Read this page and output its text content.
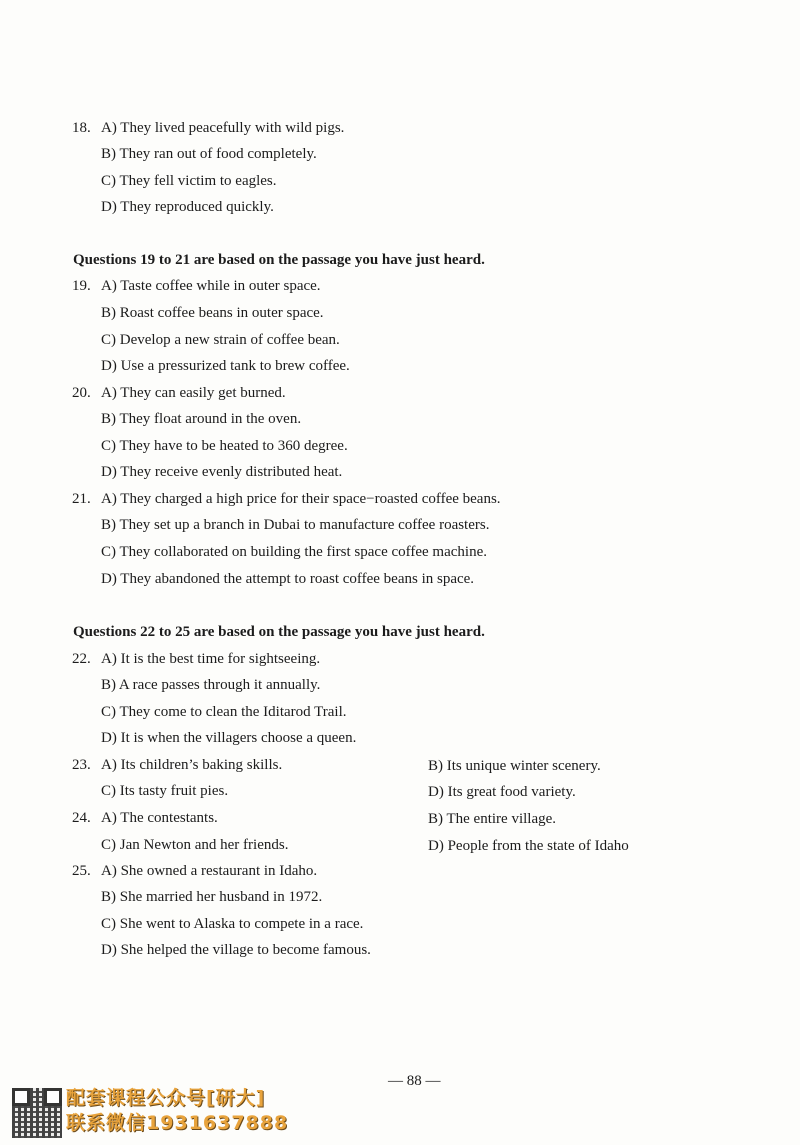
18. A) They lived peacefully with wild pigs.
B) They ran out of food completely.
C) They fell victim to eagles.
D) They reproduced quickly.
Questions 19 to 21 are based on the passage you have just heard.
19. A) Taste coffee while in outer space.
B) Roast coffee beans in outer space.
C) Develop a new strain of coffee bean.
D) Use a pressurized tank to brew coffee.
20. A) They can easily get burned.
B) They float around in the oven.
C) They have to be heated to 360 degree.
D) They receive evenly distributed heat.
21. A) They charged a high price for their space−roasted coffee beans.
B) They set up a branch in Dubai to manufacture coffee roasters.
C) They collaborated on building the first space coffee machine.
D) They abandoned the attempt to roast coffee beans in space.
Questions 22 to 25 are based on the passage you have just heard.
22. A) It is the best time for sightseeing.
B) A race passes through it annually.
C) They come to clean the Iditarod Trail.
D) It is when the villagers choose a queen.
23. A) Its children’s baking skills.	B) Its unique winter scenery.
C) Its tasty fruit pies.	D) Its great food variety.
24. A) The contestants.	B) The entire village.
C) Jan Newton and her friends.	D) People from the state of Idaho
25. A) She owned a restaurant in Idaho.
B) She married her husband in 1972.
C) She went to Alaska to compete in a race.
D) She helped the village to become famous.
— 88 —
配套课程公众号[研大]
联系微信1931637888
